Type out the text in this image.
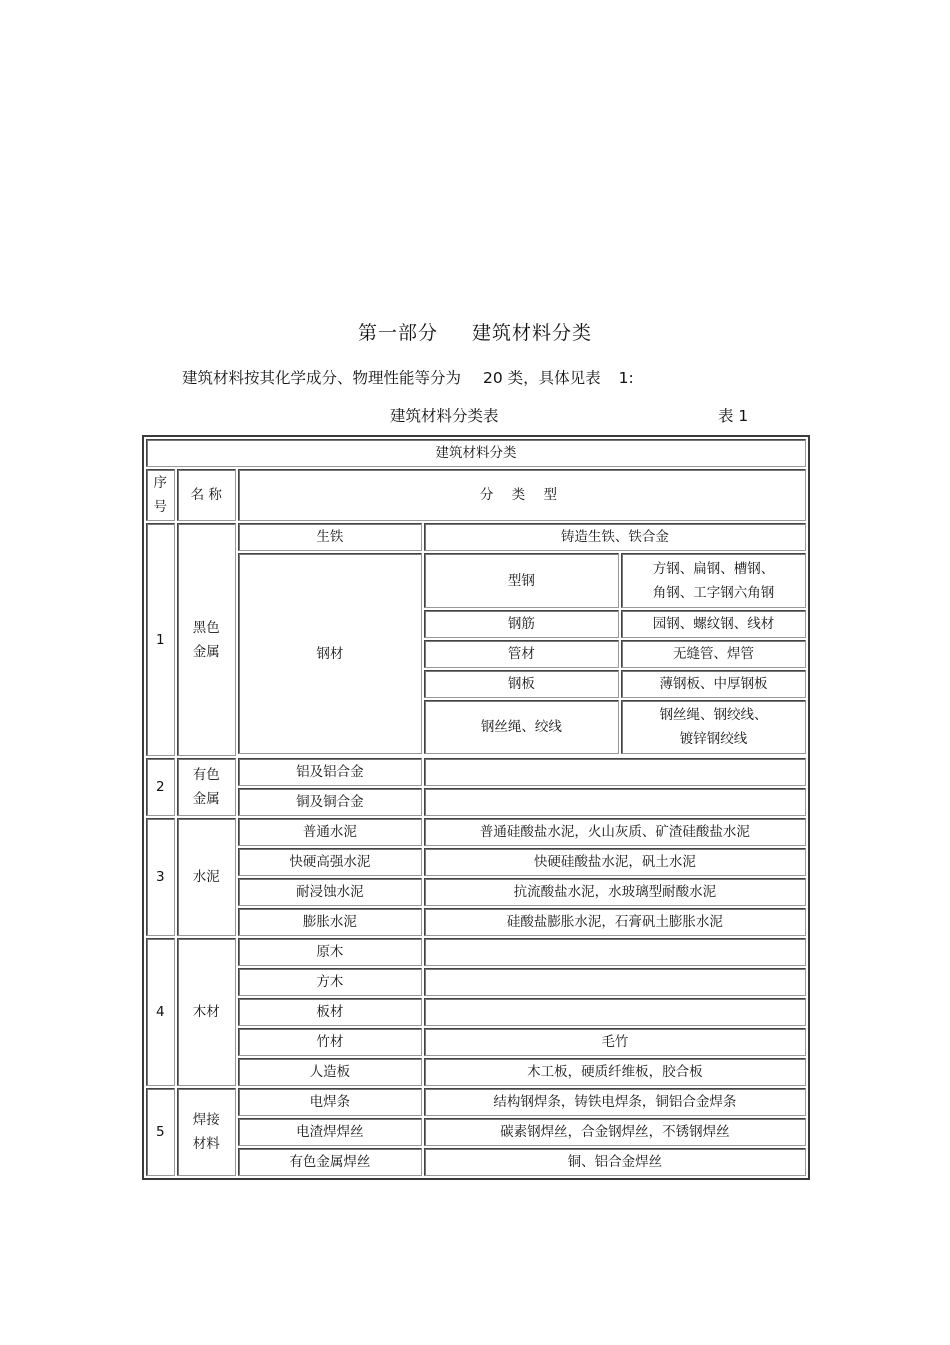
第一部分 建筑材料分类
建筑材料按其化学成分、物理性能等分为 20 类，具体见表 1:
建筑材料分类表	表 1
建筑材料分类				

序
号	名 称	分 类 型		
1	黑色
金属	生铁	铸造生铁、铁合金	
		钢材	型钢	方钢、扁钢、槽钢、
角钢、工字钢六角钢

			钢筋	园钢、螺纹钢、线材
			管材	无缝管、焊管
			钢板	薄钢板、中厚钢板
			钢丝绳、绞线	钢丝绳、钢绞线、
镀锌钢绞线

2	有色
金属	铝及铝合金		
		铜及铜合金		
3	水泥	普通水泥	普通硅酸盐水泥，火山灰质、矿渣硅酸盐水泥	
		快硬高强水泥	快硬硅酸盐水泥，矾土水泥	
		耐浸蚀水泥	抗流酸盐水泥，水玻璃型耐酸水泥	
		膨胀水泥	硅酸盐膨胀水泥，石膏矾土膨胀水泥	
4	木材	原木		
		方木		
		板材		
		竹材	毛竹	
		人造板	木工板，硬质纤维板，胶合板	
5	焊接
材料	电焊条	结构钢焊条，铸铁电焊条，铜铝合金焊条	
		电渣焊焊丝	碳素钢焊丝，合金钢焊丝，不锈钢焊丝	
		有色金属焊丝	铜、铝合金焊丝	
